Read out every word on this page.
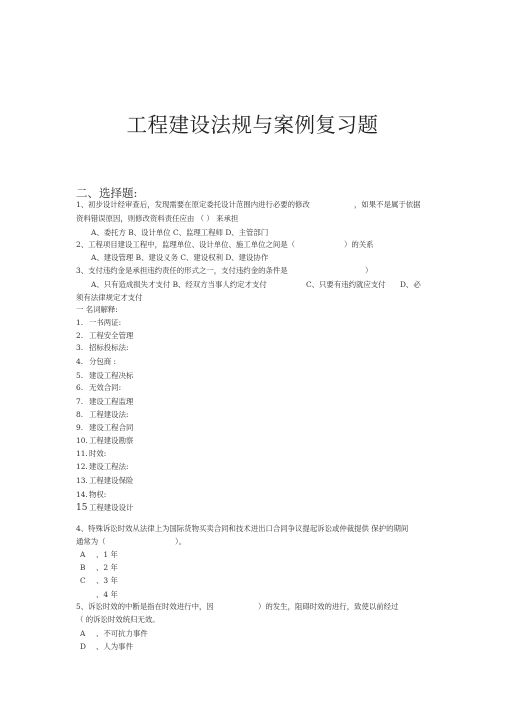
工程建设法规与案例复习题
二、选择题:
1、初步设计经审查后，发现需要在原定委托设计范围内进行必要的修改	，如果不是属于依据
资料错误原因，则修改资料责任应由 （ ） 来承担
A、委托方 B、设计单位 C、监理工程师 D、主管部门
2、工程项目建设工程中，监理单位、设计单位、施工单位之间是（	）的关系
A、建设管理 B、建设义务 C、建设权利 D、建设协作
3、支付违约金是承担违约责任的形式之一，支付违约金的条件是	）
A、只有造成损失才支付 B、经双方当事人约定才支付	C、只要有违约就应支付 D、必
须有法律规定才支付
一 名词解释:
1. 一书两证:
2. 工程安全管理
3. 招标投标法:
4. 分包商 :
5. 建设工程决标
6. 无效合同:
7. 建设工程监理
8. 工程建设法:
9. 建设工程合同
10.工程建设勘察
11.时效:
12.建设工程法:
13.工程建设保险
14.物权:
15 工程建设设计
4、特殊诉讼时效从法律上为国际货物买卖合同和技术进出口合同争议提起诉讼或仲裁提供 保护的期间
通常为（	）。
A 、1 年
B 、2 年
C 、3 年
、4 年
5、诉讼时效的中断是指在时效进行中，因	）的发生，阻碍时效的进行，致使以前经过
（ 的诉讼时效统归无效。
A 、不可抗力事件
D 、人为事件
